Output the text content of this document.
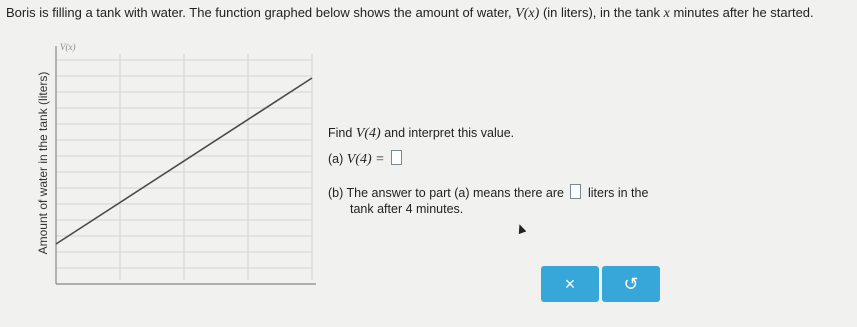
Boris is filling a tank with water. The function graphed below shows the amount of water, V(x) (in liters), in the tank x minutes after he started.
V(x)
Amount of water in the tank (liters)	Find V(4) and interpret this value.
(a) V(4) =
(b) The answer to part (a) means there are liters in the
tank after 4 minutes.
×	↺
